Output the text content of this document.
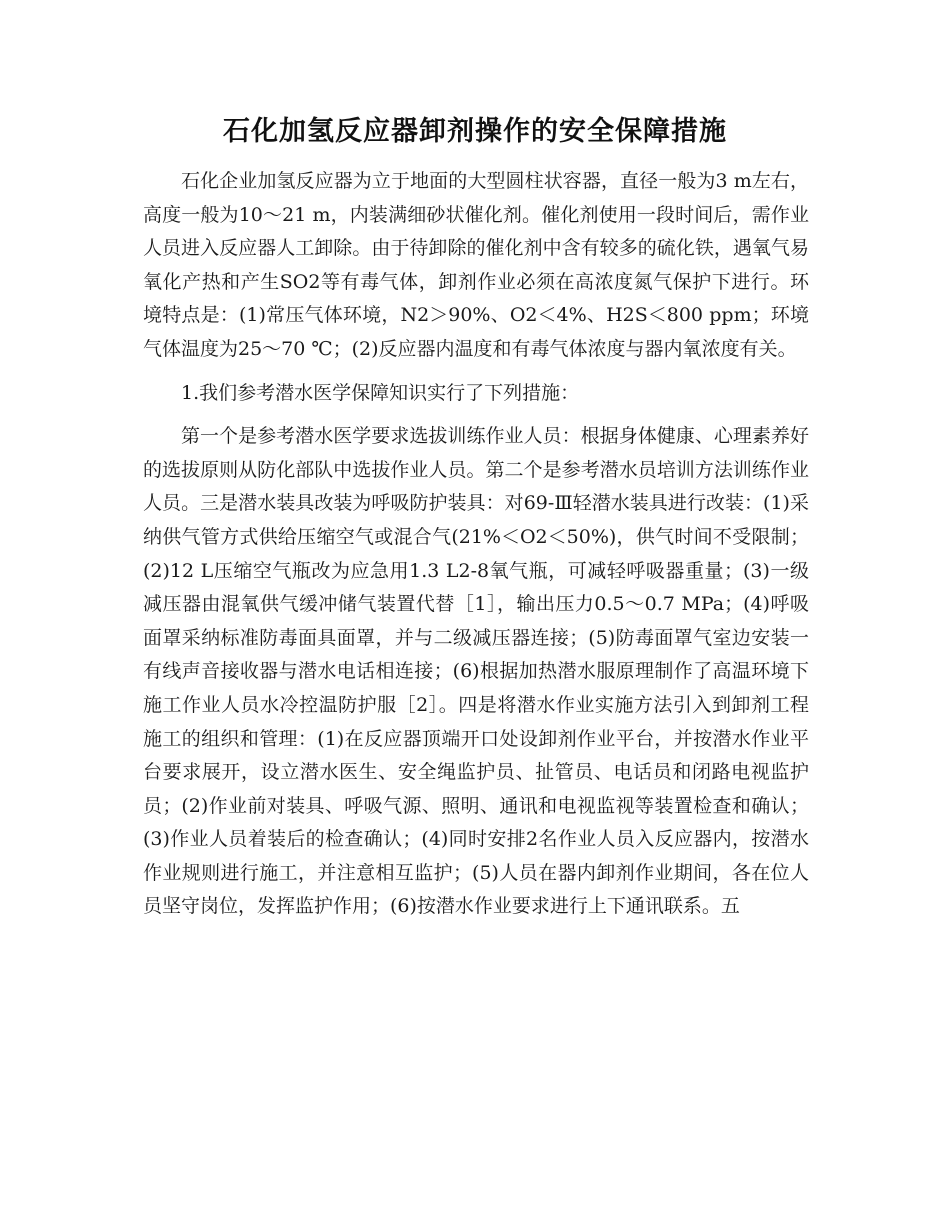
石化加氢反应器卸剂操作的安全保障措施

石化企业加氢反应器为立于地面的大型圆柱状容器，直径一般为3 m左右，高度一般为10～21 m，内装满细砂状催化剂。催化剂使用一段时间后，需作业人员进入反应器人工卸除。由于待卸除的催化剂中含有较多的硫化铁，遇氧气易氧化产热和产生SO2等有毒气体，卸剂作业必须在高浓度氮气保护下进行。环境特点是：(1)常压气体环境，N2＞90%、O2＜4%、H2S＜800 ppm；环境气体温度为25～70 ℃；(2)反应器内温度和有毒气体浓度与器内氧浓度有关。

1.我们参考潜水医学保障知识实行了下列措施：

第一个是参考潜水医学要求选拔训练作业人员：根据身体健康、心理素养好的选拔原则从防化部队中选拔作业人员。第二个是参考潜水员培训方法训练作业人员。三是潜水装具改装为呼吸防护装具：对69-Ⅲ轻潜水装具进行改装：(1)采纳供气管方式供给压缩空气或混合气(21%＜O2＜50%)，供气时间不受限制；(2)12 L压缩空气瓶改为应急用1.3 L2-8氧气瓶，可减轻呼吸器重量；(3)一级减压器由混氧供气缓冲储气装置代替［1］，输出压力0.5～0.7 MPa；(4)呼吸面罩采纳标准防毒面具面罩，并与二级减压器连接；(5)防毒面罩气室边安装一有线声音接收器与潜水电话相连接；(6)根据加热潜水服原理制作了高温环境下施工作业人员水冷控温防护服［2］。四是将潜水作业实施方法引入到卸剂工程施工的组织和管理：(1)在反应器顶端开口处设卸剂作业平台，并按潜水作业平台要求展开，设立潜水医生、安全绳监护员、扯管员、电话员和闭路电视监护员；(2)作业前对装具、呼吸气源、照明、通讯和电视监视等装置检查和确认；(3)作业人员着装后的检查确认；(4)同时安排2名作业人员入反应器内，按潜水作业规则进行施工，并注意相互监护；(5)人员在器内卸剂作业期间，各在位人员坚守岗位，发挥监护作用；(6)按潜水作业要求进行上下通讯联系。五
